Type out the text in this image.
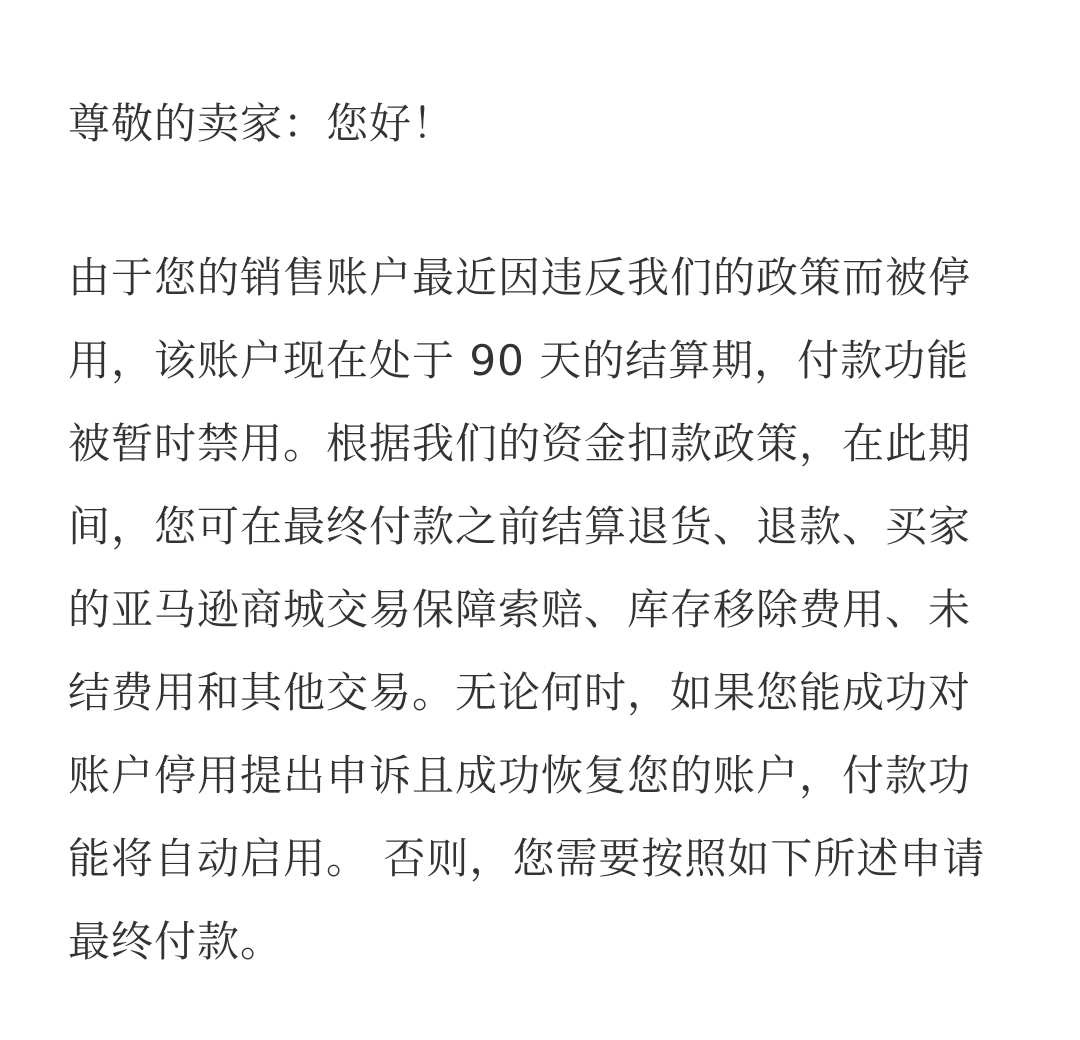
尊敬的卖家：您好！
由于您的销售账户最近因违反我们的政策而被停
用，该账户现在处于 90 天的结算期，付款功能
被暂时禁用。根据我们的资金扣款政策，在此期
间，您可在最终付款之前结算退货、退款、买家
的亚马逊商城交易保障索赔、库存移除费用、未
结费用和其他交易。无论何时，如果您能成功对
账户停用提出申诉且成功恢复您的账户，付款功
能将自动启用。 否则，您需要按照如下所述申请
最终付款。
